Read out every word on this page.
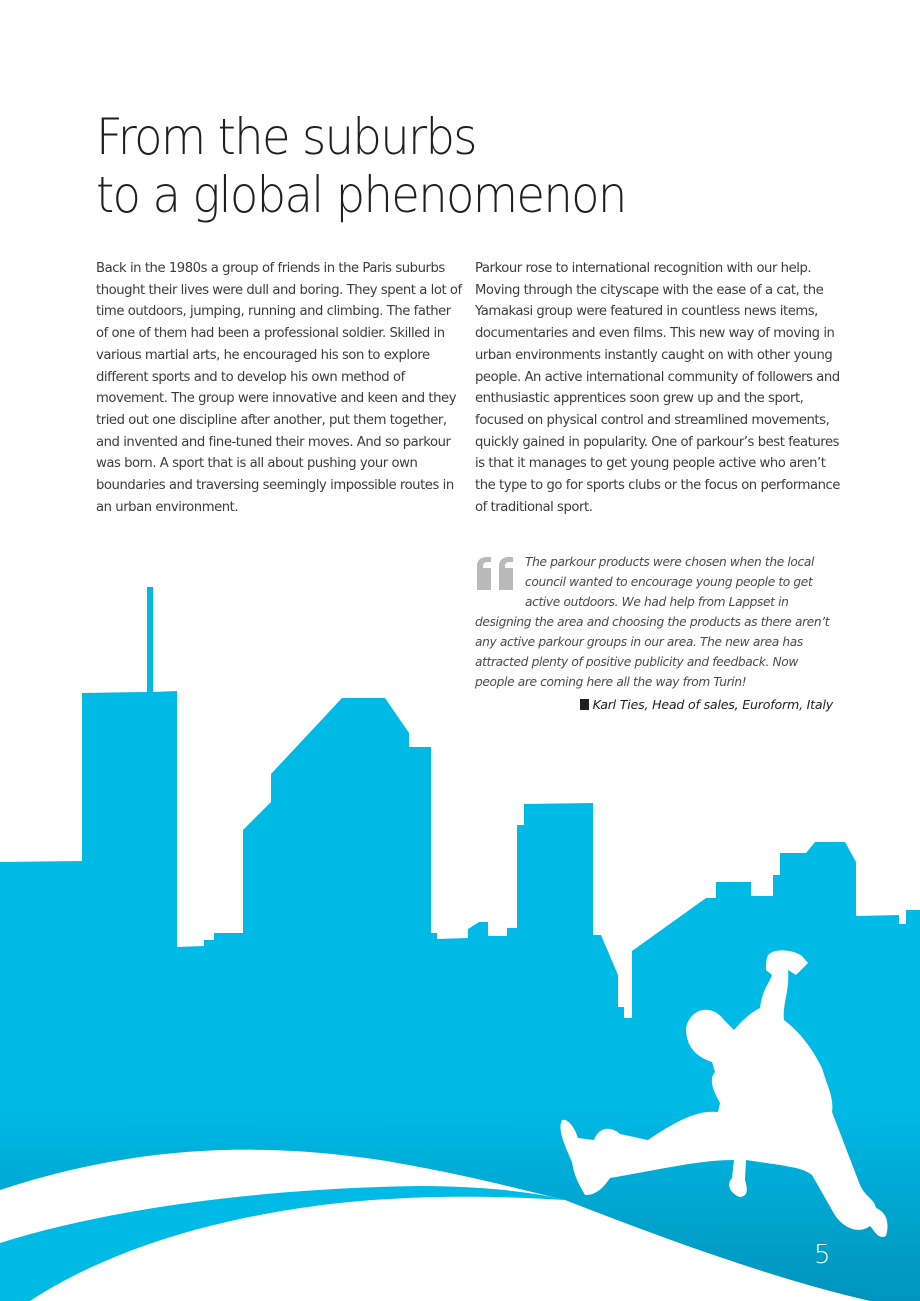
From the suburbs
to a global phenomenon

Back in the 1980s a group of friends in the Paris suburbs thought their lives were dull and boring. They spent a lot of time outdoors, jumping, running and climbing. The father of one of them had been a professional soldier. Skilled in various martial arts, he encouraged his son to explore different sports and to develop his own method of movement. The group were innovative and keen and they tried out one discipline after another, put them together, and invented and fine-tuned their moves. And so parkour was born. A sport that is all about pushing your own boundaries and traversing seemingly impossible routes in an urban environment.

Parkour rose to international recognition with our help. Moving through the cityscape with the ease of a cat, the Yamakasi group were featured in countless news items, documentaries and even films. This new way of moving in urban environments instantly caught on with other young people. An active international community of followers and enthusiastic apprentices soon grew up and the sport, focused on physical control and streamlined movements, quickly gained in popularity. One of parkour’s best features is that it manages to get young people active who aren’t the type to go for sports clubs or the focus on performance of traditional sport.

The parkour products were chosen when the local council wanted to encourage young people to get active outdoors. We had help from Lappset in designing the area and choosing the products as there aren’t any active parkour groups in our area. The new area has attracted plenty of positive publicity and feedback. Now people are coming here all the way from Turin!

Karl Ties, Head of sales, Euroform, Italy
5
